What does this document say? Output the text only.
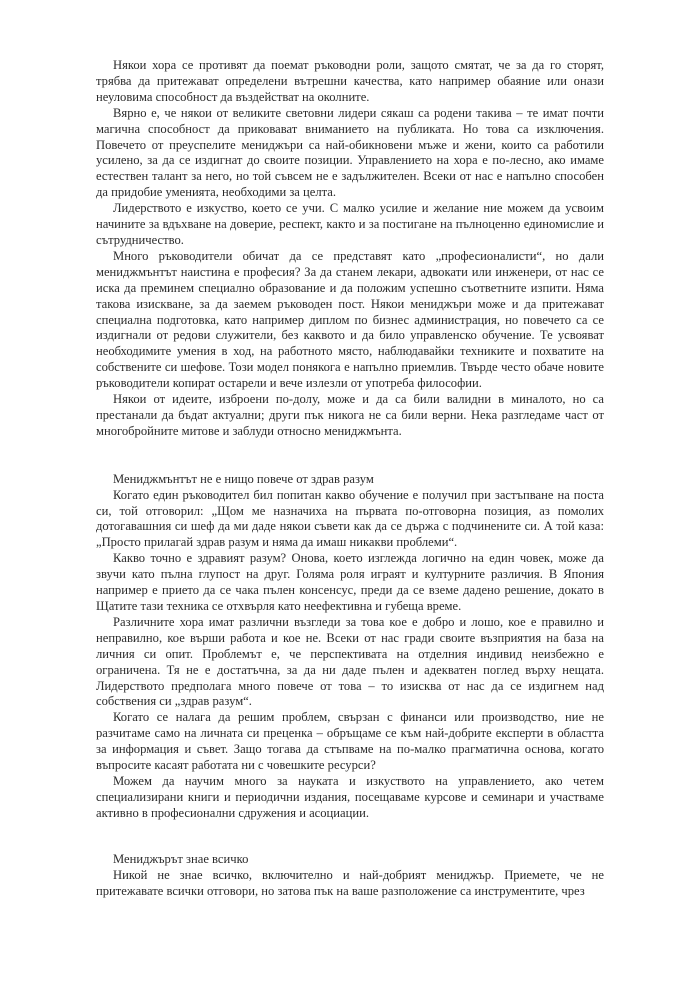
Някои хора се противят да поемат ръководни роли, защото смятат, че за да го сторят, трябва да притежават определени вътрешни качества, като например обаяние или онази неуловима способност да въздействат на околните.

Вярно е, че някои от великите световни лидери сякаш са родени такива – те имат почти магична способност да приковават вниманието на публиката. Но това са изключения. Повечето от преуспелите мениджъри са най-обикновени мъже и жени, които са работили усилено, за да се издигнат до своите позиции. Управлението на хора е по-лесно, ако имаме естествен талант за него, но той съвсем не е задължителен. Всеки от нас е напълно способен да придобие уменията, необходими за целта.

Лидерството е изкуство, което се учи. С малко усилие и желание ние можем да усвоим начините за вдъхване на доверие, респект, както и за постигане на пълноценно единомислие и сътрудничество.

Много ръководители обичат да се представят като „професионалисти“, но дали мениджмънтът наистина е професия? За да станем лекари, адвокати или инженери, от нас се иска да преминем специално образование и да положим успешно съответните изпити. Няма такова изискване, за да заемем ръководен пост. Някои мениджъри може и да притежават специална подготовка, като например диплом по бизнес администрация, но повечето са се издигнали от редови служители, без каквото и да било управленско обучение. Те усвояват необходимите умения в ход, на работното място, наблюдавайки техниките и похватите на собствените си шефове. Този модел понякога е напълно приемлив. Твърде често обаче новите ръководители копират остарели и вече излезли от употреба философии.

Някои от идеите, изброени по-долу, може и да са били валидни в миналото, но са престанали да бъдат актуални; други пък никога не са били верни. Нека разгледаме част от многобройните митове и заблуди относно мениджмънта.

Мениджмънтът не е нищо повече от здрав разум

Когато един ръководител бил попитан какво обучение е получил при застъпване на поста си, той отговорил: „Щом ме назначиха на първата по-отговорна позиция, аз помолих дотогавашния си шеф да ми даде някои съвети как да се държа с подчинените си. А той каза: „Просто прилагай здрав разум и няма да имаш никакви проблеми“.

Какво точно е здравият разум? Онова, което изглежда логично на един човек, може да звучи като пълна глупост на друг. Голяма роля играят и културните различия. В Япония например е прието да се чака пълен консенсус, преди да се вземе дадено решение, докато в Щатите тази техника се отхвърля като неефективна и губеща време.

Различните хора имат различни възгледи за това кое е добро и лошо, кое е правилно и неправилно, кое върши работа и кое не. Всеки от нас гради своите възприятия на база на личния си опит. Проблемът е, че перспективата на отделния индивид неизбежно е ограничена. Тя не е достатъчна, за да ни даде пълен и адекватен поглед върху нещата. Лидерството предполага много повече от това – то изисква от нас да се издигнем над собствения си „здрав разум“.

Когато се налага да решим проблем, свързан с финанси или производство, ние не разчитаме само на личната си преценка – обръщаме се към най-добрите експерти в областта за информация и съвет. Защо тогава да стъпваме на по-малко прагматична основа, когато въпросите касаят работата ни с човешките ресурси?

Можем да научим много за науката и изкуството на управлението, ако четем специализирани книги и периодични издания, посещаваме курсове и семинари и участваме активно в професионални сдружения и асоциации.

Мениджърът знае всичко

Никой не знае всичко, включително и най-добрият мениджър. Приемете, че не притежавате всички отговори, но затова пък на ваше разположение са инструментите, чрез
